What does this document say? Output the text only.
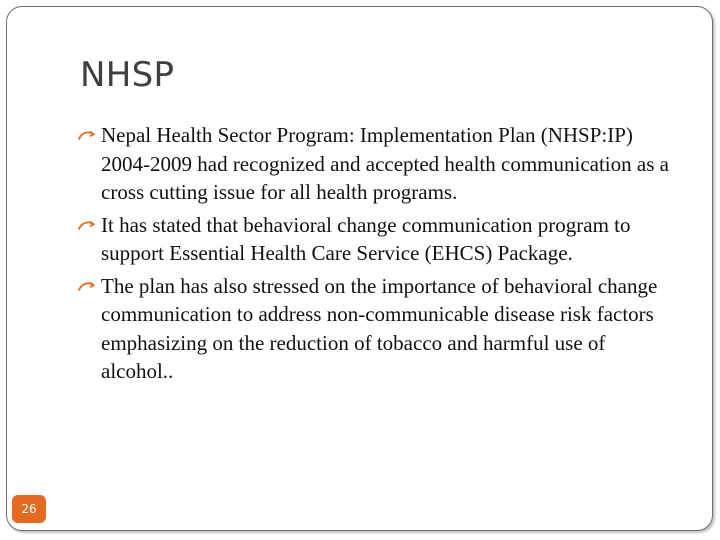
NHSP
Nepal Health Sector Program: Implementation Plan (NHSP:IP) 2004-2009 had recognized and accepted health communication as a cross cutting issue for all health programs.
It has stated that behavioral change communication program to support Essential Health Care Service (EHCS) Package.
The plan has also stressed on the importance of behavioral change communication to address non-communicable disease risk factors emphasizing on the reduction of tobacco and harmful use of alcohol..
26
